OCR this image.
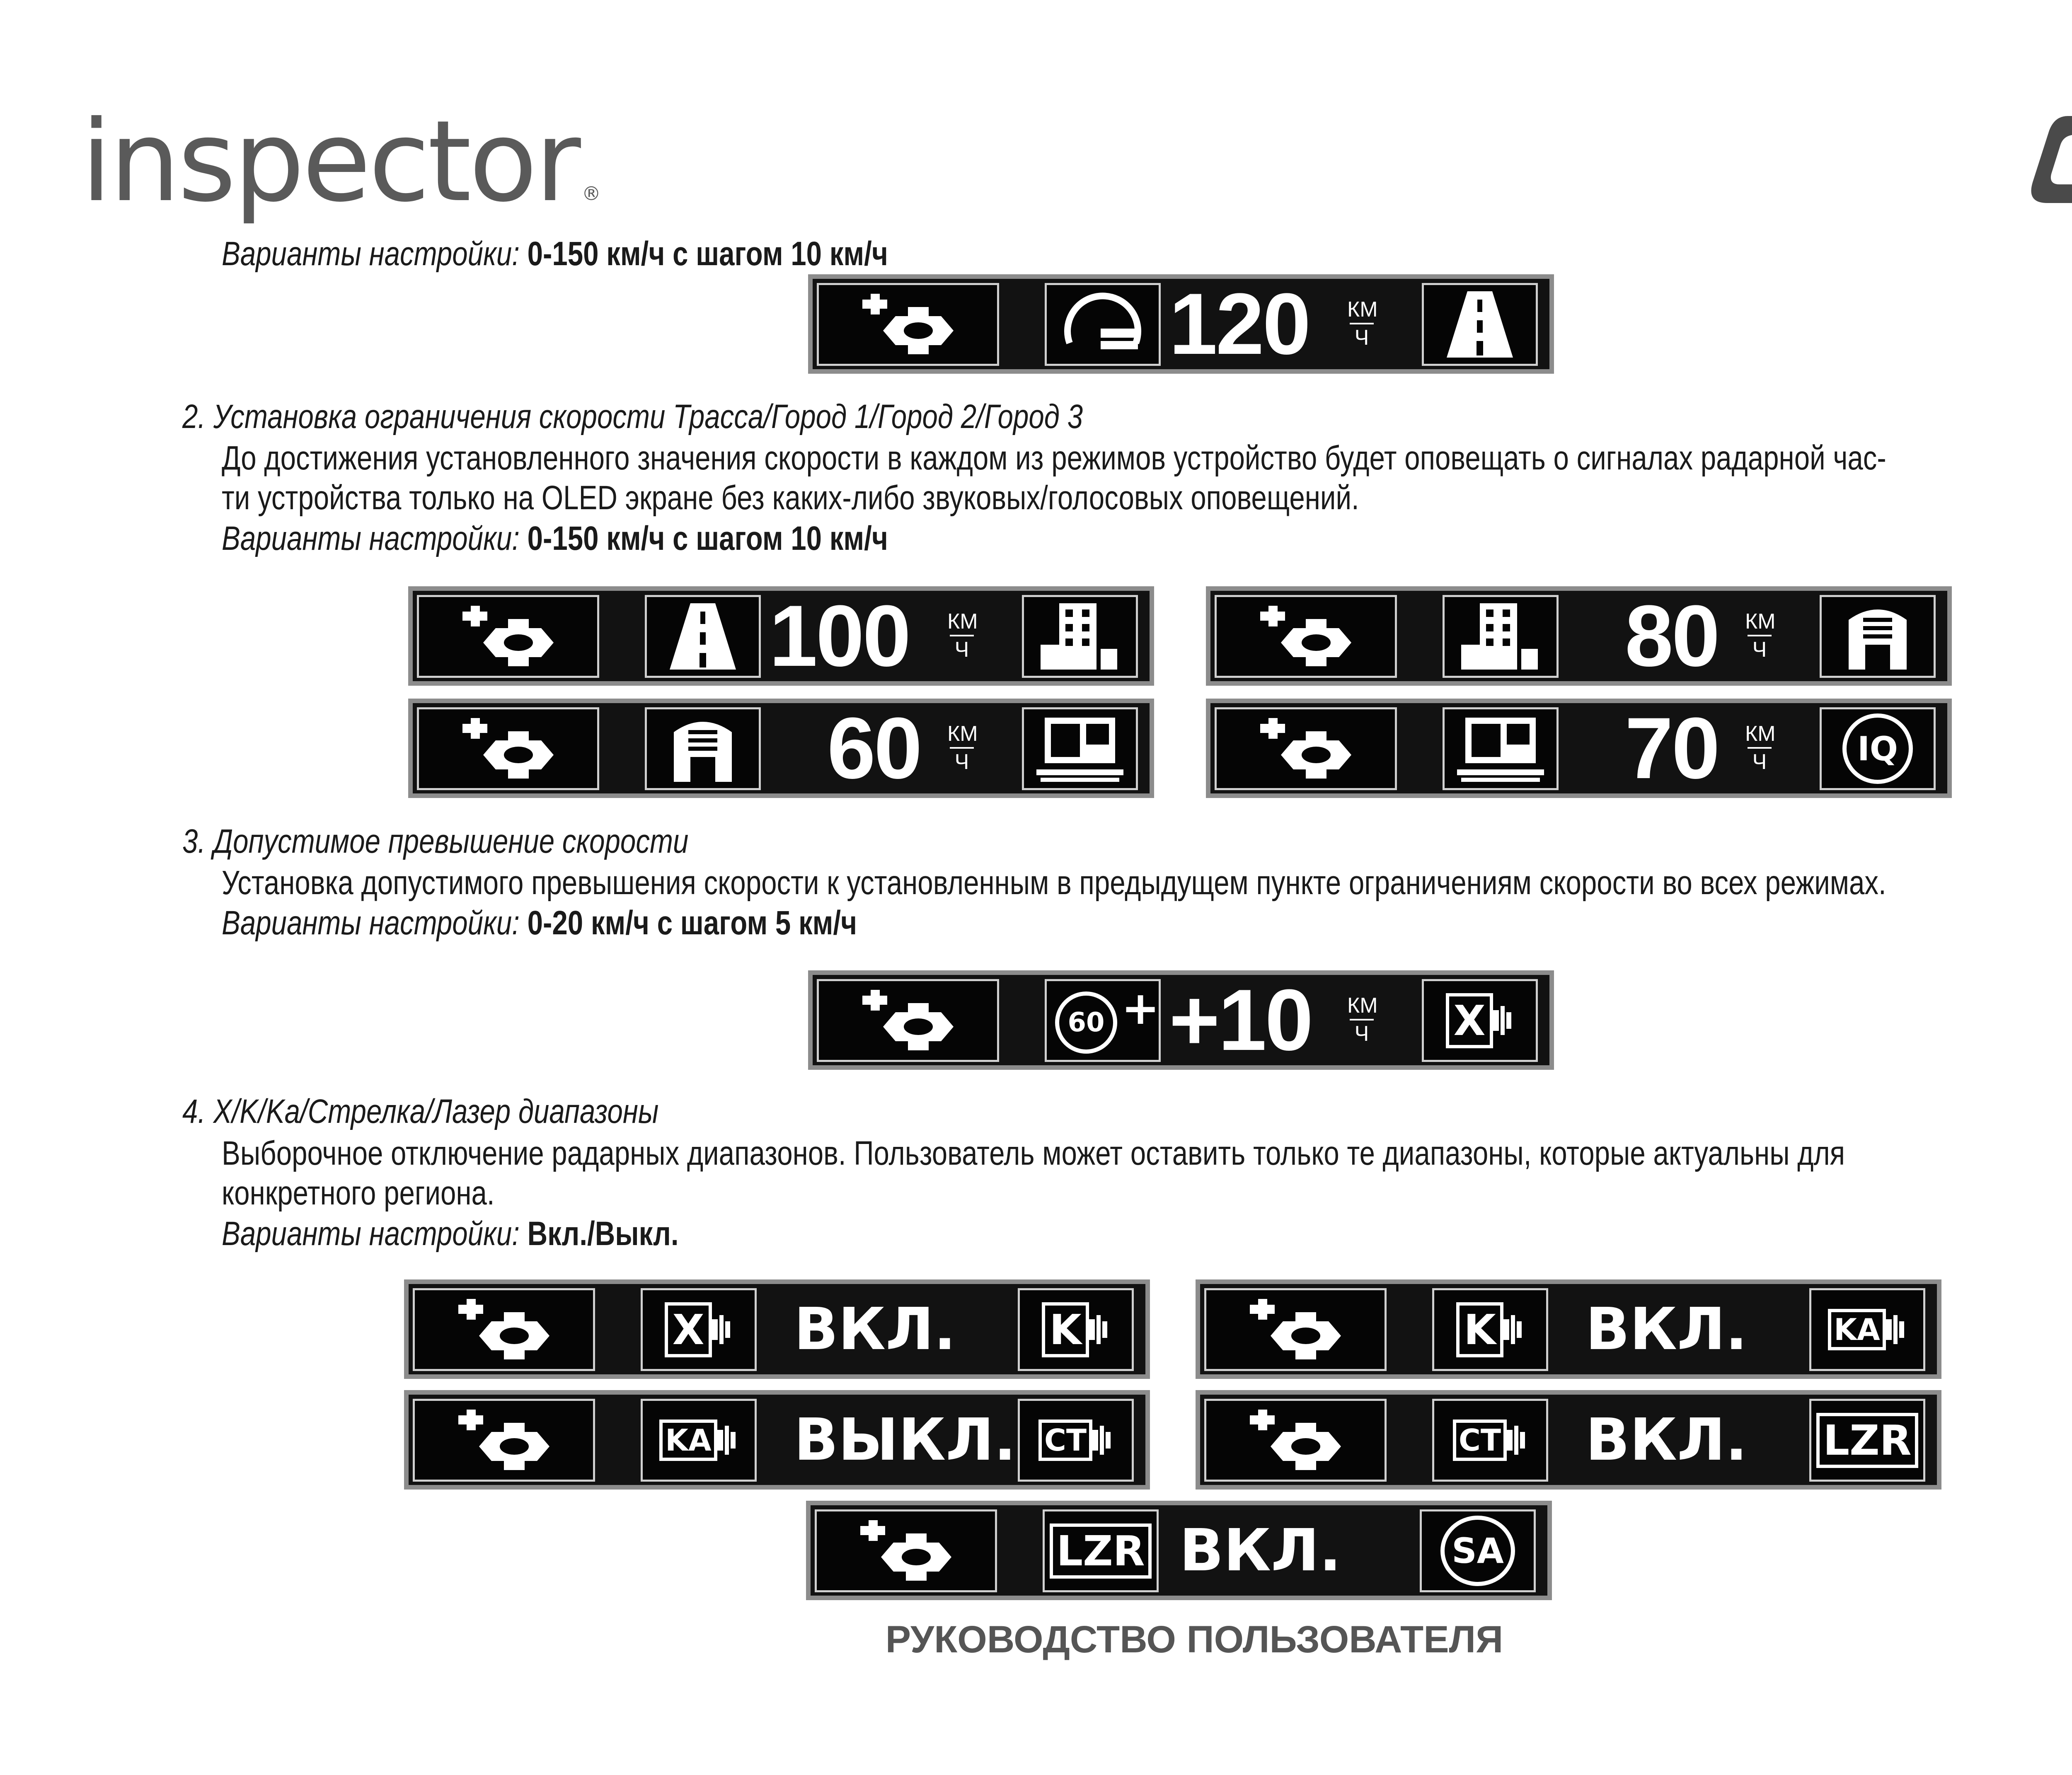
inspector ®
Варианты настройки: 0-150 км/ч с шагом 10 км/ч
120 КМ
Ч
2. Установка ограничения скорости Трасса/Город 1/Город 2/Город 3
До достижения установленного значения скорости в каждом из режимов устройство будет оповещать о сигналах радарной час-
ти устройства только на OLED экране без каких-либо звуковых/голосовых оповещений.
Варианты настройки: 0-150 км/ч с шагом 10 км/ч
100 КМ
Ч	80 КМ
Ч
60 КМ
Ч	70 КМ
Ч	IQ
3. Допустимое превышение скорости
Установка допустимого превышения скорости к установленным в предыдущем пункте ограничениям скорости во всех режимах.
Варианты настройки: 0-20 км/ч с шагом 5 км/ч
60 + +10 КМ
Ч X
4. X/K/Ka/Стрелка/Лазер диапазоны
Выборочное отключение радарных диапазонов. Пользователь может оставить только те диапазоны, которые актуальны для
конкретного региона.
Варианты настройки: Вкл./Выкл.
X ВКЛ. K	K ВКЛ.	KA
KA ВЫКЛ. СТ	СТ ВКЛ. LZR
LZR ВКЛ.	SA
РУКОВОДСТВО ПОЛЬЗОВАТЕЛЯ
